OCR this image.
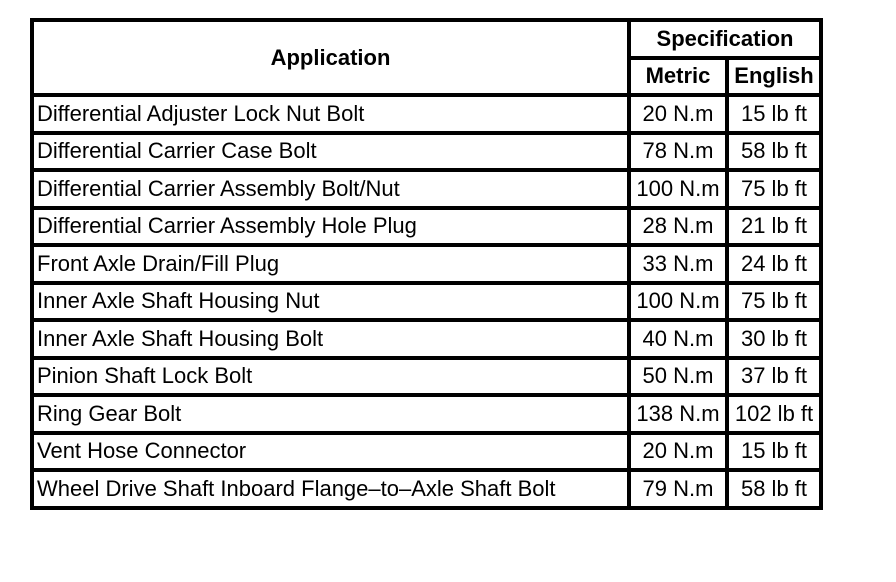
Application	Specification	
	Metric	English
Differential Adjuster Lock Nut Bolt	20 N.m	15 lb ft
Differential Carrier Case Bolt	78 N.m	58 lb ft
Differential Carrier Assembly Bolt/Nut	100 N.m	75 lb ft
Differential Carrier Assembly Hole Plug	28 N.m	21 lb ft
Front Axle Drain/Fill Plug	33 N.m	24 lb ft
Inner Axle Shaft Housing Nut	100 N.m	75 lb ft
Inner Axle Shaft Housing Bolt	40 N.m	30 lb ft
Pinion Shaft Lock Bolt	50 N.m	37 lb ft
Ring Gear Bolt	138 N.m	102 lb ft
Vent Hose Connector	20 N.m	15 lb ft
Wheel Drive Shaft Inboard Flange–to–Axle Shaft Bolt	79 N.m	58 lb ft
